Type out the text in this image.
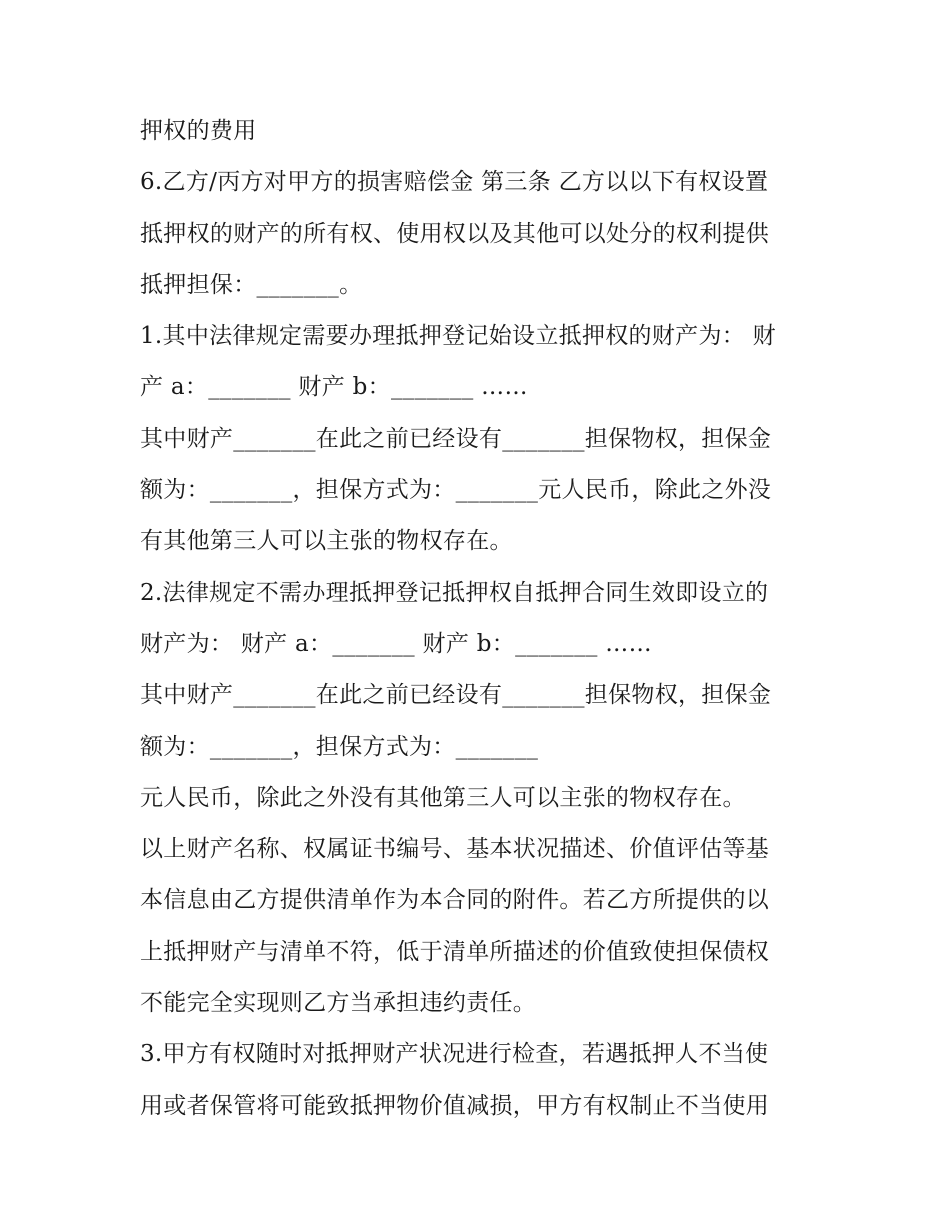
押权的费用
6.乙方/丙方对甲方的损害赔偿金 第三条 乙方以以下有权设置
抵押权的财产的所有权、使用权以及其他可以处分的权利提供
抵押担保：_______。
1.其中法律规定需要办理抵押登记始设立抵押权的财产为： 财
产 a：_______ 财产 b：_______ ……
其中财产_______在此之前已经设有_______担保物权，担保金
额为：_______，担保方式为：_______元人民币，除此之外没
有其他第三人可以主张的物权存在。
2.法律规定不需办理抵押登记抵押权自抵押合同生效即设立的
财产为： 财产 a：_______ 财产 b：_______ ……
其中财产_______在此之前已经设有_______担保物权，担保金
额为：_______，担保方式为：_______
元人民币，除此之外没有其他第三人可以主张的物权存在。
以上财产名称、权属证书编号、基本状况描述、价值评估等基
本信息由乙方提供清单作为本合同的附件。若乙方所提供的以
上抵押财产与清单不符，低于清单所描述的价值致使担保债权
不能完全实现则乙方当承担违约责任。
3.甲方有权随时对抵押财产状况进行检查，若遇抵押人不当使
用或者保管将可能致抵押物价值减损，甲方有权制止不当使用
